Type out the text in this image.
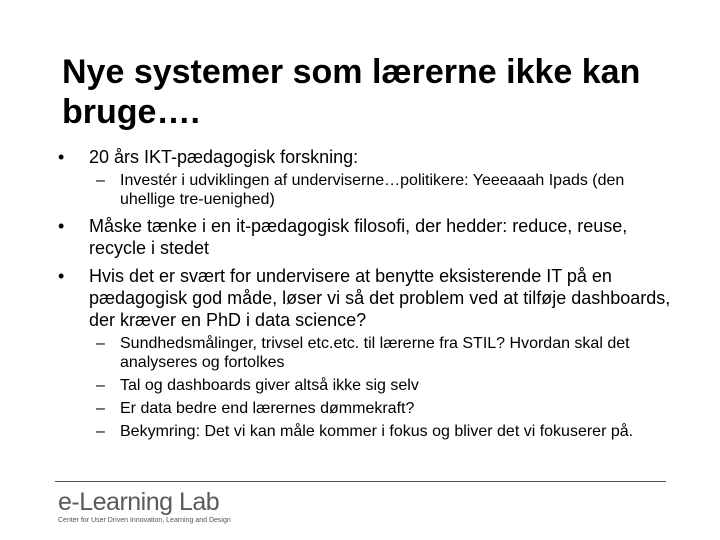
Nye systemer som lærerne ikke kan bruge….
•	20 års IKT-pædagogisk forskning:
– Investér i udviklingen af underviserne…politikere: Yeeeaaah Ipads (den uhellige tre-uenighed)
•	Måske tænke i en it-pædagogisk filosofi, der hedder: reduce, reuse, recycle i stedet
•	Hvis det er svært for undervisere at benytte eksisterende IT på en pædagogisk god måde, løser vi så det problem ved at tilføje dashboards, der kræver en PhD i data science?
– Sundhedsmålinger, trivsel etc.etc. til lærerne fra STIL? Hvordan skal det analyseres og fortolkes
– Tal og dashboards giver altså ikke sig selv
– Er data bedre end lærernes dømmekraft?
– Bekymring: Det vi kan måle kommer i fokus og bliver det vi fokuserer på.
e-Learning Lab
Center for User Driven Innovation, Learning and Design
